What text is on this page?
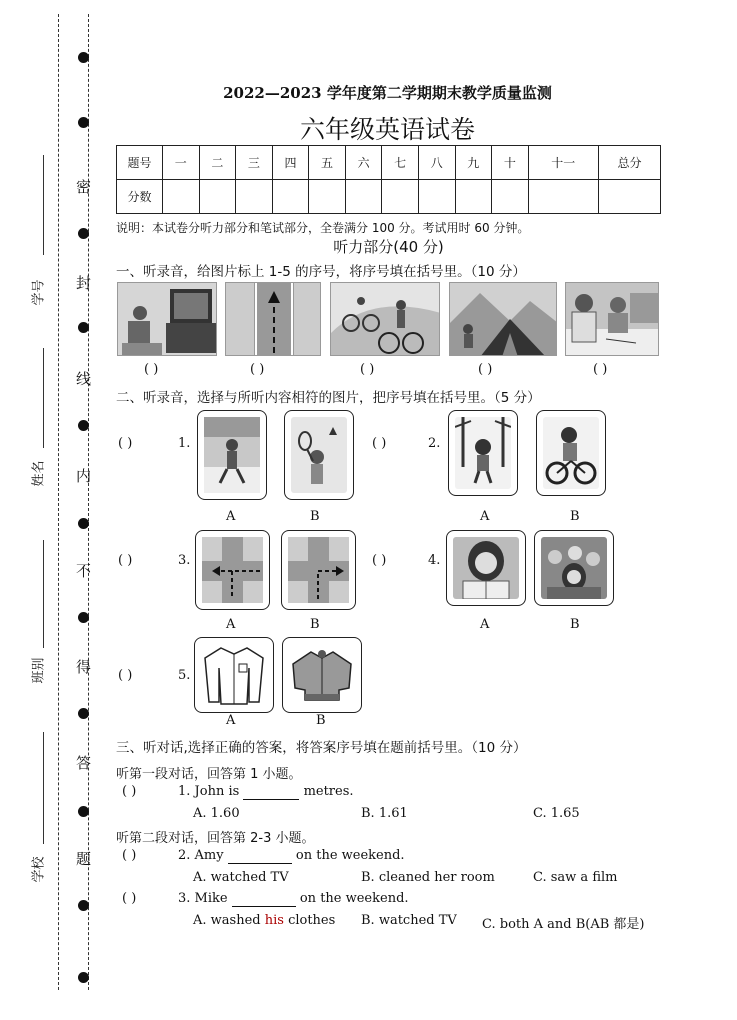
密
封
线
内
不
得
答
题
学号
姓名
班别
学校
2022—2023 学年度第二学期期末教学质量监测
六年级英语试卷
题号	一	二	三	四	五	六	七	八	九	十	十一	总分
分数												
说明：本试卷分听力部分和笔试部分，全卷满分 100 分。考试用时 60 分钟。
听力部分(40 分)
一、听录音，给图片标上 1-5 的序号，将序号填在括号里。（10 分）
( )	( )	( )	( )	( )
二、听录音，选择与所听内容相符的图片，把序号填在括号里。（5 分）
( )	1.
A	B
( )	2.
A	B
( )	3.
A	B
( )	4.
A	B
( )	5.
A	B
三、听对话,选择正确的答案，将答案序号填在题前括号里。（10 分）
听第一段对话，回答第 1 小题。
( )	1. John is	metres.
A. 1.60	B. 1.61	C. 1.65
听第二段对话，回答第 2-3 小题。
( )	2. Amy	on the weekend.
A. watched TV	B. cleaned her room	C. saw a film
( )	3. Mike	on the weekend.
A. washed his clothes B. watched TV C. both A and B(AB 都是)
